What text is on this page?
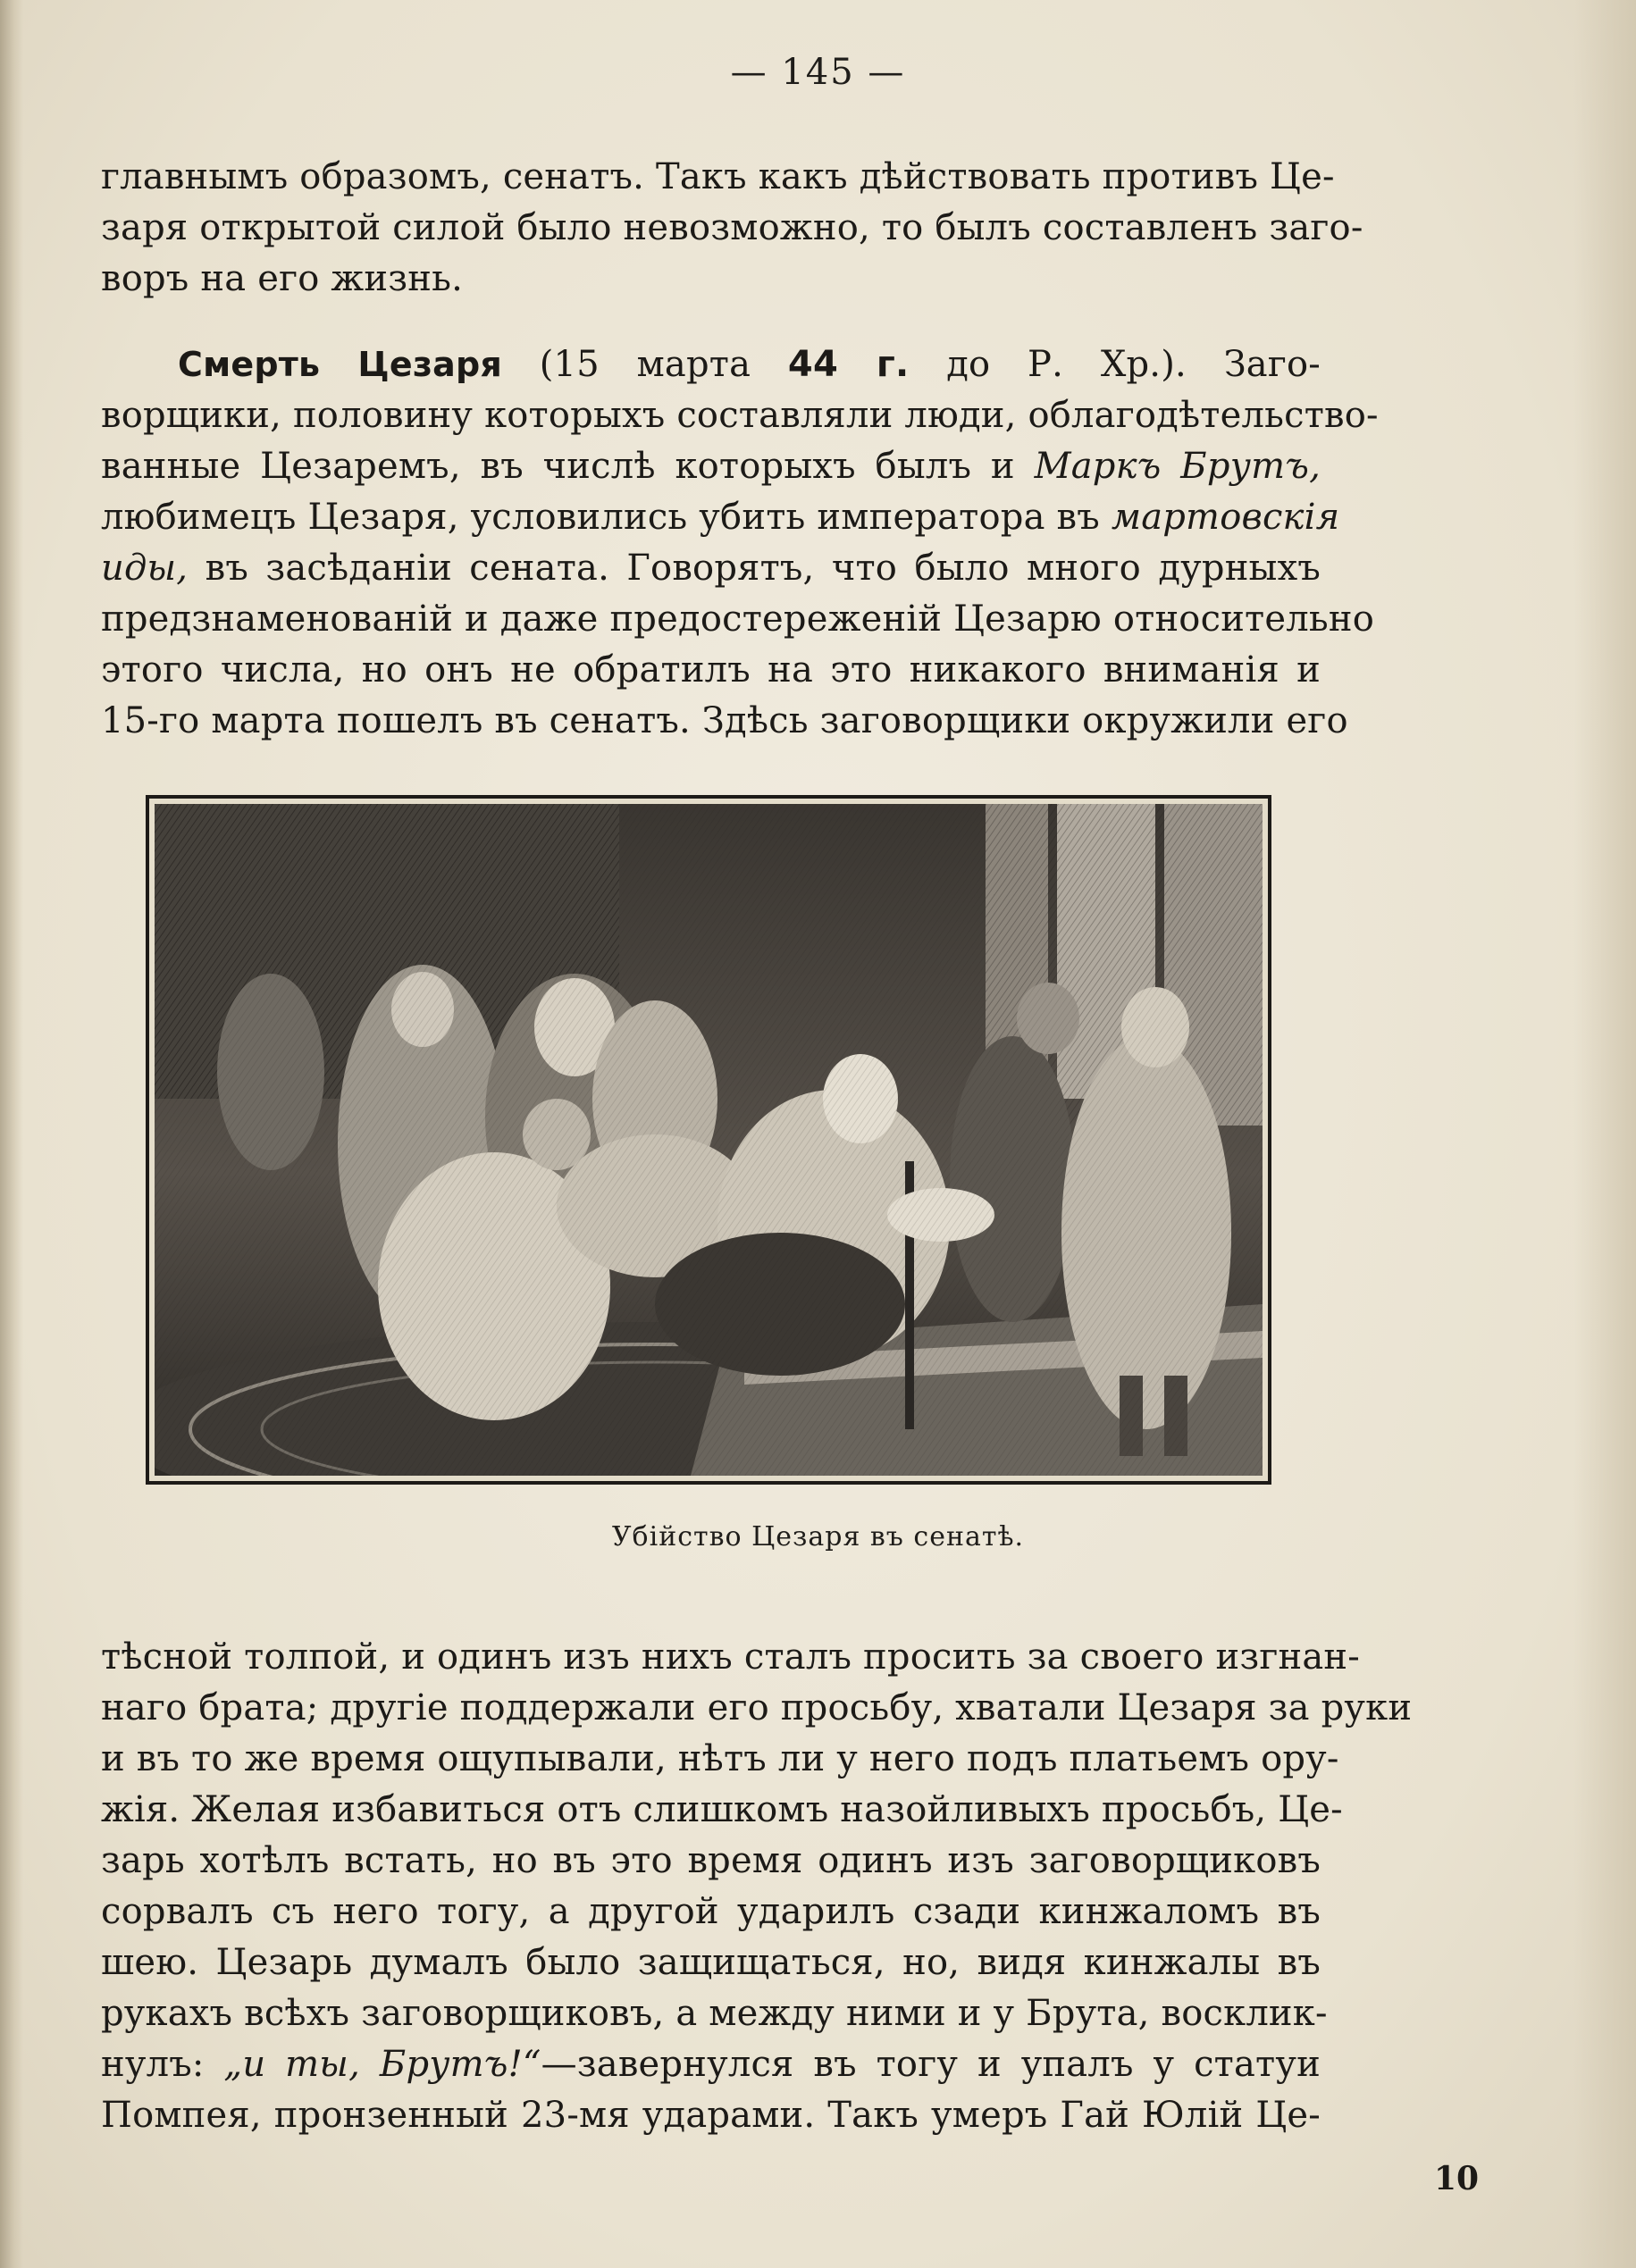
— 145 —
главнымъ образомъ, сенатъ. Такъ какъ дѣйствовать противъ Це-
заря открытой силой было невозможно, то былъ составленъ заго-
воръ на его жизнь.
Смерть Цезаря (15 марта 44 г. до Р. Хр.). Заго-
ворщики, половину которыхъ составляли люди, облагодѣтельство-
ванные Цезаремъ, въ числѣ которыхъ былъ и Маркъ Брутъ,
любимецъ Цезаря, условились убить императора въ мартовскія
иды, въ засѣданіи сената. Говорятъ, что было много дурныхъ
предзнаменованій и даже предостереженій Цезарю относительно
этого числа, но онъ не обратилъ на это никакого вниманія и
15-го марта пошелъ въ сенатъ. Здѣсь заговорщики окружили его
Убійство Цезаря въ сенатѣ.
тѣсной толпой, и одинъ изъ нихъ сталъ просить за своего изгнан-
наго брата; другіе поддержали его просьбу, хватали Цезаря за руки
и въ то же время ощупывали, нѣтъ ли у него подъ платьемъ ору-
жія. Желая избавиться отъ слишкомъ назойливыхъ просьбъ, Це-
зарь хотѣлъ встать, но въ это время одинъ изъ заговорщиковъ
сорвалъ съ него тогу, а другой ударилъ сзади кинжаломъ въ
шею. Цезарь думалъ было защищаться, но, видя кинжалы въ
рукахъ всѣхъ заговорщиковъ, а между ними и у Брута, восклик-
нулъ: „и ты, Брутъ!“—завернулся въ тогу и упалъ у статуи
Помпея, пронзенный 23-мя ударами. Такъ умеръ Гай Юлій Це-
10
